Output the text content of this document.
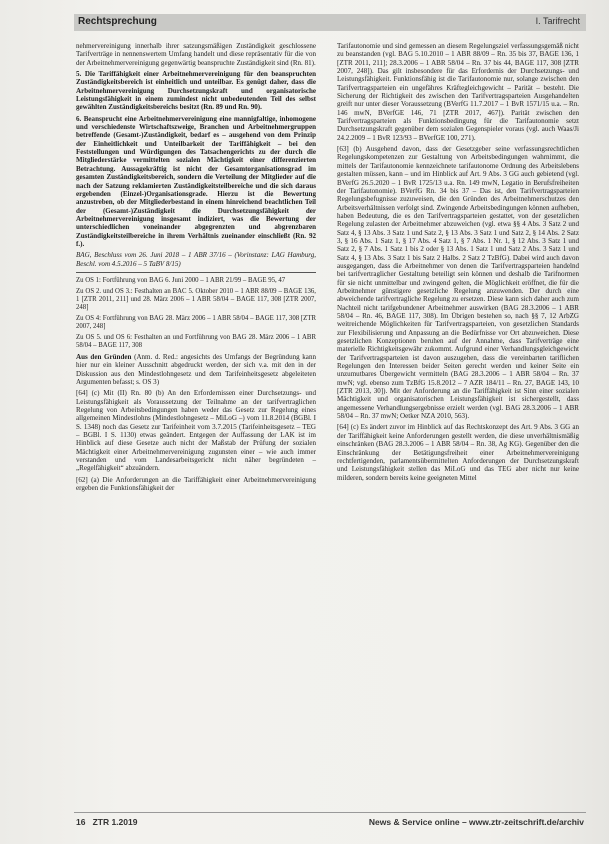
Rechtsprechung	I. Tarifrecht

nehmervereinigung innerhalb ihrer satzungsmäßigen Zuständigkeit geschlossene Tarifverträge in nennenswertem Umfang handelt und diese repräsentativ für die von der Arbeitnehmervereinigung gegenwärtig beanspruchte Zuständigkeit sind (Rn. 81).

5. Die Tariffähigkeit einer Arbeitnehmervereinigung für den beanspruchten Zuständigkeitsbereich ist einheitlich und unteilbar. Es genügt daher, dass die Arbeitnehmervereinigung Durchsetzungskraft und organisatorische Leistungsfähigkeit in einem zumindest nicht unbedeutenden Teil des selbst gewählten Zuständigkeitsbereichs besitzt (Rn. 89 und Rn. 90).

6. Beansprucht eine Arbeitnehmervereinigung eine mannigfaltige, inhomogene und verschiedenste Wirtschaftszweige, Branchen und Arbeitnehmergruppen betreffende (Gesamt-)Zuständigkeit, bedarf es – ausgehend von dem Prinzip der Einheitlichkeit und Unteilbarkeit der Tariffähigkeit – bei den Feststellungen und Würdigungen des Tatsachengerichts zu der durch die Mitgliederstärke vermittelten sozialen Mächtigkeit einer differenzierten Betrachtung. Aussagekräftig ist nicht der Gesamtorganisationsgrad im gesamten Zuständigkeitsbereich, sondern die Verteilung der Mitglieder auf die nach der Satzung reklamierten Zuständigkeitsteilbereiche und die sich daraus ergebenden (Einzel-)Organisationsgrade. Hierzu ist die Bewertung anzustreben, ob der Mitgliederbestand in einem hinreichend beachtlichen Teil der (Gesamt-)Zuständigkeit die Durchsetzungsfähigkeit der Arbeitnehmervereinigung insgesamt indiziert, was die Bewertung der unterschiedlichen voneinander abgegrenzten und abgrenzbaren Zuständigkeitsteilbereiche in ihrem Verhältnis zueinander einschließt (Rn. 92 f.).

BAG, Beschluss vom 26. Juni 2018 – 1 ABR 37/16 – (Vorinstanz: LAG Hamburg, Beschl. vom 4.5.2016 – 5 TaBV 8/15)

Zu OS 1: Fortführung von BAG 6. Juni 2000 – 1 ABR 21/99 – BAGE 95, 47

Zu OS 2. und OS 3.: Festhalten an BAC 5. Oktober 2010 – 1 ABR 88/09 – BAGE 136, 1 [ZTR 2011, 211] und 28. März 2006 – 1 ABR 58/04 – BAGE 117, 308 [ZTR 2007, 248]

Zu OS 4: Fortführung von BAG 28. März 2006 – 1 ABR 58/04 – BAGE 117, 308 [ZTR 2007, 248]

Zu OS 5. und OS 6: Festhalten an und Fortführung von BAG 28. März 2006 – 1 ABR 58/04 – BAGE 117, 308

Aus den Gründen (Anm. d. Red.: angesichts des Umfangs der Begründung kann hier nur ein kleiner Ausschnitt abgedruckt werden, der sich v.a. mit den in der Diskussion aus den Mindestlohngesetz und dem Tarifeinheitsgesetz abgeleiteten Argumenten befasst; s. OS 3)

[64] (c) Mit (II) Rn. 80 (b) An den Erfordernissen einer Durchsetzungs- und Leistungsfähigkeit als Voraussetzung der Teilnahme an der tarifvertraglichen Regelung von Arbeitsbedingungen haben weder das Gesetz zur Regelung eines allgemeinen Mindestlohns (Mindestlohngesetz – MiLoG –) vom 11.8.2014 (BGBl. I S. 1348) noch das Gesetz zur Tarifeinheit vom 3.7.2015 (Tarifeinheitsgesetz – TEG – BGBl. I S. 1130) etwas geändert. Entgegen der Auffassung der LAK ist im Hinblick auf diese Gesetze auch nicht der Maßstab der Prüfung der sozialen Mächtigkeit einer Arbeitnehmervereinigung zugunsten einer – wie auch immer verstanden und vom Landesarbeitsgericht nicht näher begründeten – „Regelfähigkeit“ abzuändern.

[62] (a) Die Anforderungen an die Tariffähigkeit einer Arbeitnehmervereinigung ergeben die Funktionsfähigkeit der

Tarifautonomie und sind gemessen an diesem Regelungsziel verfassungsgemäß nicht zu beanstanden (vgl. BAG 5.10.2010 – 1 ABR 88/09 – Rn. 35 bis 37, BAGE 136, 1 [ZTR 2011, 211]; 28.3.2006 – 1 ABR 58/04 – Rn. 37 bis 44, BAGE 117, 308 [ZTR 2007, 248]). Das gilt insbesondere für das Erfordernis der Durchsetzungs- und Leistungsfähigkeit. Funktionsfähig ist die Tarifautonomie nur, solange zwischen den Tarifvertragsparteien ein ungefähres Kräftegleichgewicht – Parität – besteht. Die Sicherung der Richtigkeit des zwischen den Tarifvertragsparteien Ausgehandelten greift nur unter dieser Voraussetzung (BVerfG 11.7.2017 – 1 BvR 1571/15 u.a. – Rn. 146 mwN, BVerfGE 146, 71 [ZTR 2017, 467]). Parität zwischen den Tarifvertragsparteien als Funktionsbedingung für die Tarifautonomie setzt Durchsetzungskraft gegenüber dem sozialen Gegenspieler voraus (vgl. auch Waas/Ji 24.2.2009 – 1 BvR 123/93 – BVerfGE 100, 271).

[63] (b) Ausgehend davon, dass der Gesetzgeber seine verfassungsrechtlichen Regelungskompetenzen zur Gestaltung von Arbeitsbedingungen wahrnimmt, die mittels der Tarifautonomie kennzeichnete tarifautonome Ordnung des Arbeitslebens gestalten müssen, kann – und im Hinblick auf Art. 9 Abs. 3 GG auch gebietend (vgl. BVerfG 26.5.2020 – 1 BvR 1725/13 u.a. Rn. 149 mwN, Legatio in Berufsfreiheiten der Tarifautonomie). BVerfG Rn. 34 bis 37 – Das ist, den Tarifvertragsparteien Regelungsbefugnisse zuzuweisen, die den Gründen des Arbeitnehmerschutzes den Arbeitsverhältnissen verfolgt sind. Zwingende Arbeitsbedingungen können aufheben, haben Bedeutung, die es den Tarifvertragsparteien gestattet, von der gesetzlichen Regelung zulasten der Arbeitnehmer abzuweichen (vgl. etwa §§ 4 Abs. 3 Satz 2 und Satz 4, § 13 Abs. 3 Satz 1 und Satz 2, § 13 Abs. 3 Satz 1 und Satz 2, § 14 Abs. 2 Satz 3, § 16 Abs. 1 Satz 1, § 17 Abs. 4 Satz 1, § 7 Abs. 1 Nr. 1, § 12 Abs. 3 Satz 1 und Satz 2, § 7 Abs. 1 Satz 1 bis 2 oder § 13 Abs. 1 Satz 1 und Satz 2 Abs. 3 Satz 1 und Satz 4, § 13 Abs. 3 Satz 1 bis Satz 2 Halbs. 2 Satz 2 TzBfG). Dabei wird auch davon ausgegangen, dass die Arbeitnehmer von denen die Tarifvertragsparteien handelnd bei tarifvertraglicher Gestaltung beteiligt sein können und deshalb die Tarifnormen für sie nicht unmittelbar und zwingend gelten, die Möglichkeit eröffnet, die für die Arbeitnehmer günstigere gesetzliche Regelung anzuwenden. Der durch eine abweichende tarifvertragliche Regelung zu ersetzen. Diese kann sich daher auch zum Nachteil nicht tarifgebundener Arbeitnehmer auswirken (BAG 28.3.2006 – 1 ABR 58/04 – Rn. 46, BAGE 117, 308). Im Übrigen bestehen so, nach §§ 7, 12 ArbZG weitreichende Möglichkeiten für Tarifvertragsparteien, von gesetzlichen Standards zur Flexibilisierung und Anpassung an die Bedürfnisse vor Ort abzuweichen. Diese gesetzlichen Konzeptionen beruhen auf der Annahme, dass Tarifverträge eine materielle Richtigkeitsgewähr zukommt. Aufgrund einer Verhandlungsgleichgewicht der Tarifvertragsparteien ist davon auszugehen, dass die vereinbarten tariflichen Regelungen den Interessen beider Seiten gerecht werden und keiner Seite ein unzumutbares Übergewicht vermitteln (BAG 28.3.2006 – 1 ABR 58/04 – Rn. 37 mwN; vgl. ebenso zum TzBfG 15.8.2012 – 7 AZR 184/11 – Rn. 27, BAGE 143, 10 [ZTR 2013, 30]). Mit der Anforderung an die Tariffähigkeit ist Sinn einer sozialen Mächtigkeit und organisatorischen Leistungsfähigkeit ist sichergestellt, dass angemessene Verhandlungsergebnisse erzielt werden (vgl. BAG 28.3.2006 – 1 ABR 58/04 – Rn. 37 mwN; Oetker NZA 2010, 563).

[64] (c) Es ändert zuvor im Hinblick auf das Rechtskonzept des Art. 9 Abs. 3 GG an der Tariffähigkeit keine Anforderungen gestellt werden, die diese unverhältnismäßig einschränken (BAG 28.3.2006 – 1 ABR 58/04 – Rn. 38, Ag KG). Gegenüber den die Einschränkung der Betätigungsfreiheit einer Arbeitnehmervereinigung rechtfertigenden, parlamentsübermittelten Anforderungen der Durchsetzungskraft und Leistungsfähigkeit stellen das MiLoG und das TEG aber nicht nur keine milderen, sondern bereits keine geeigneten Mittel

16 ZTR 1.2019	News & Service online – www.ztr-zeitschrift.de/archiv
